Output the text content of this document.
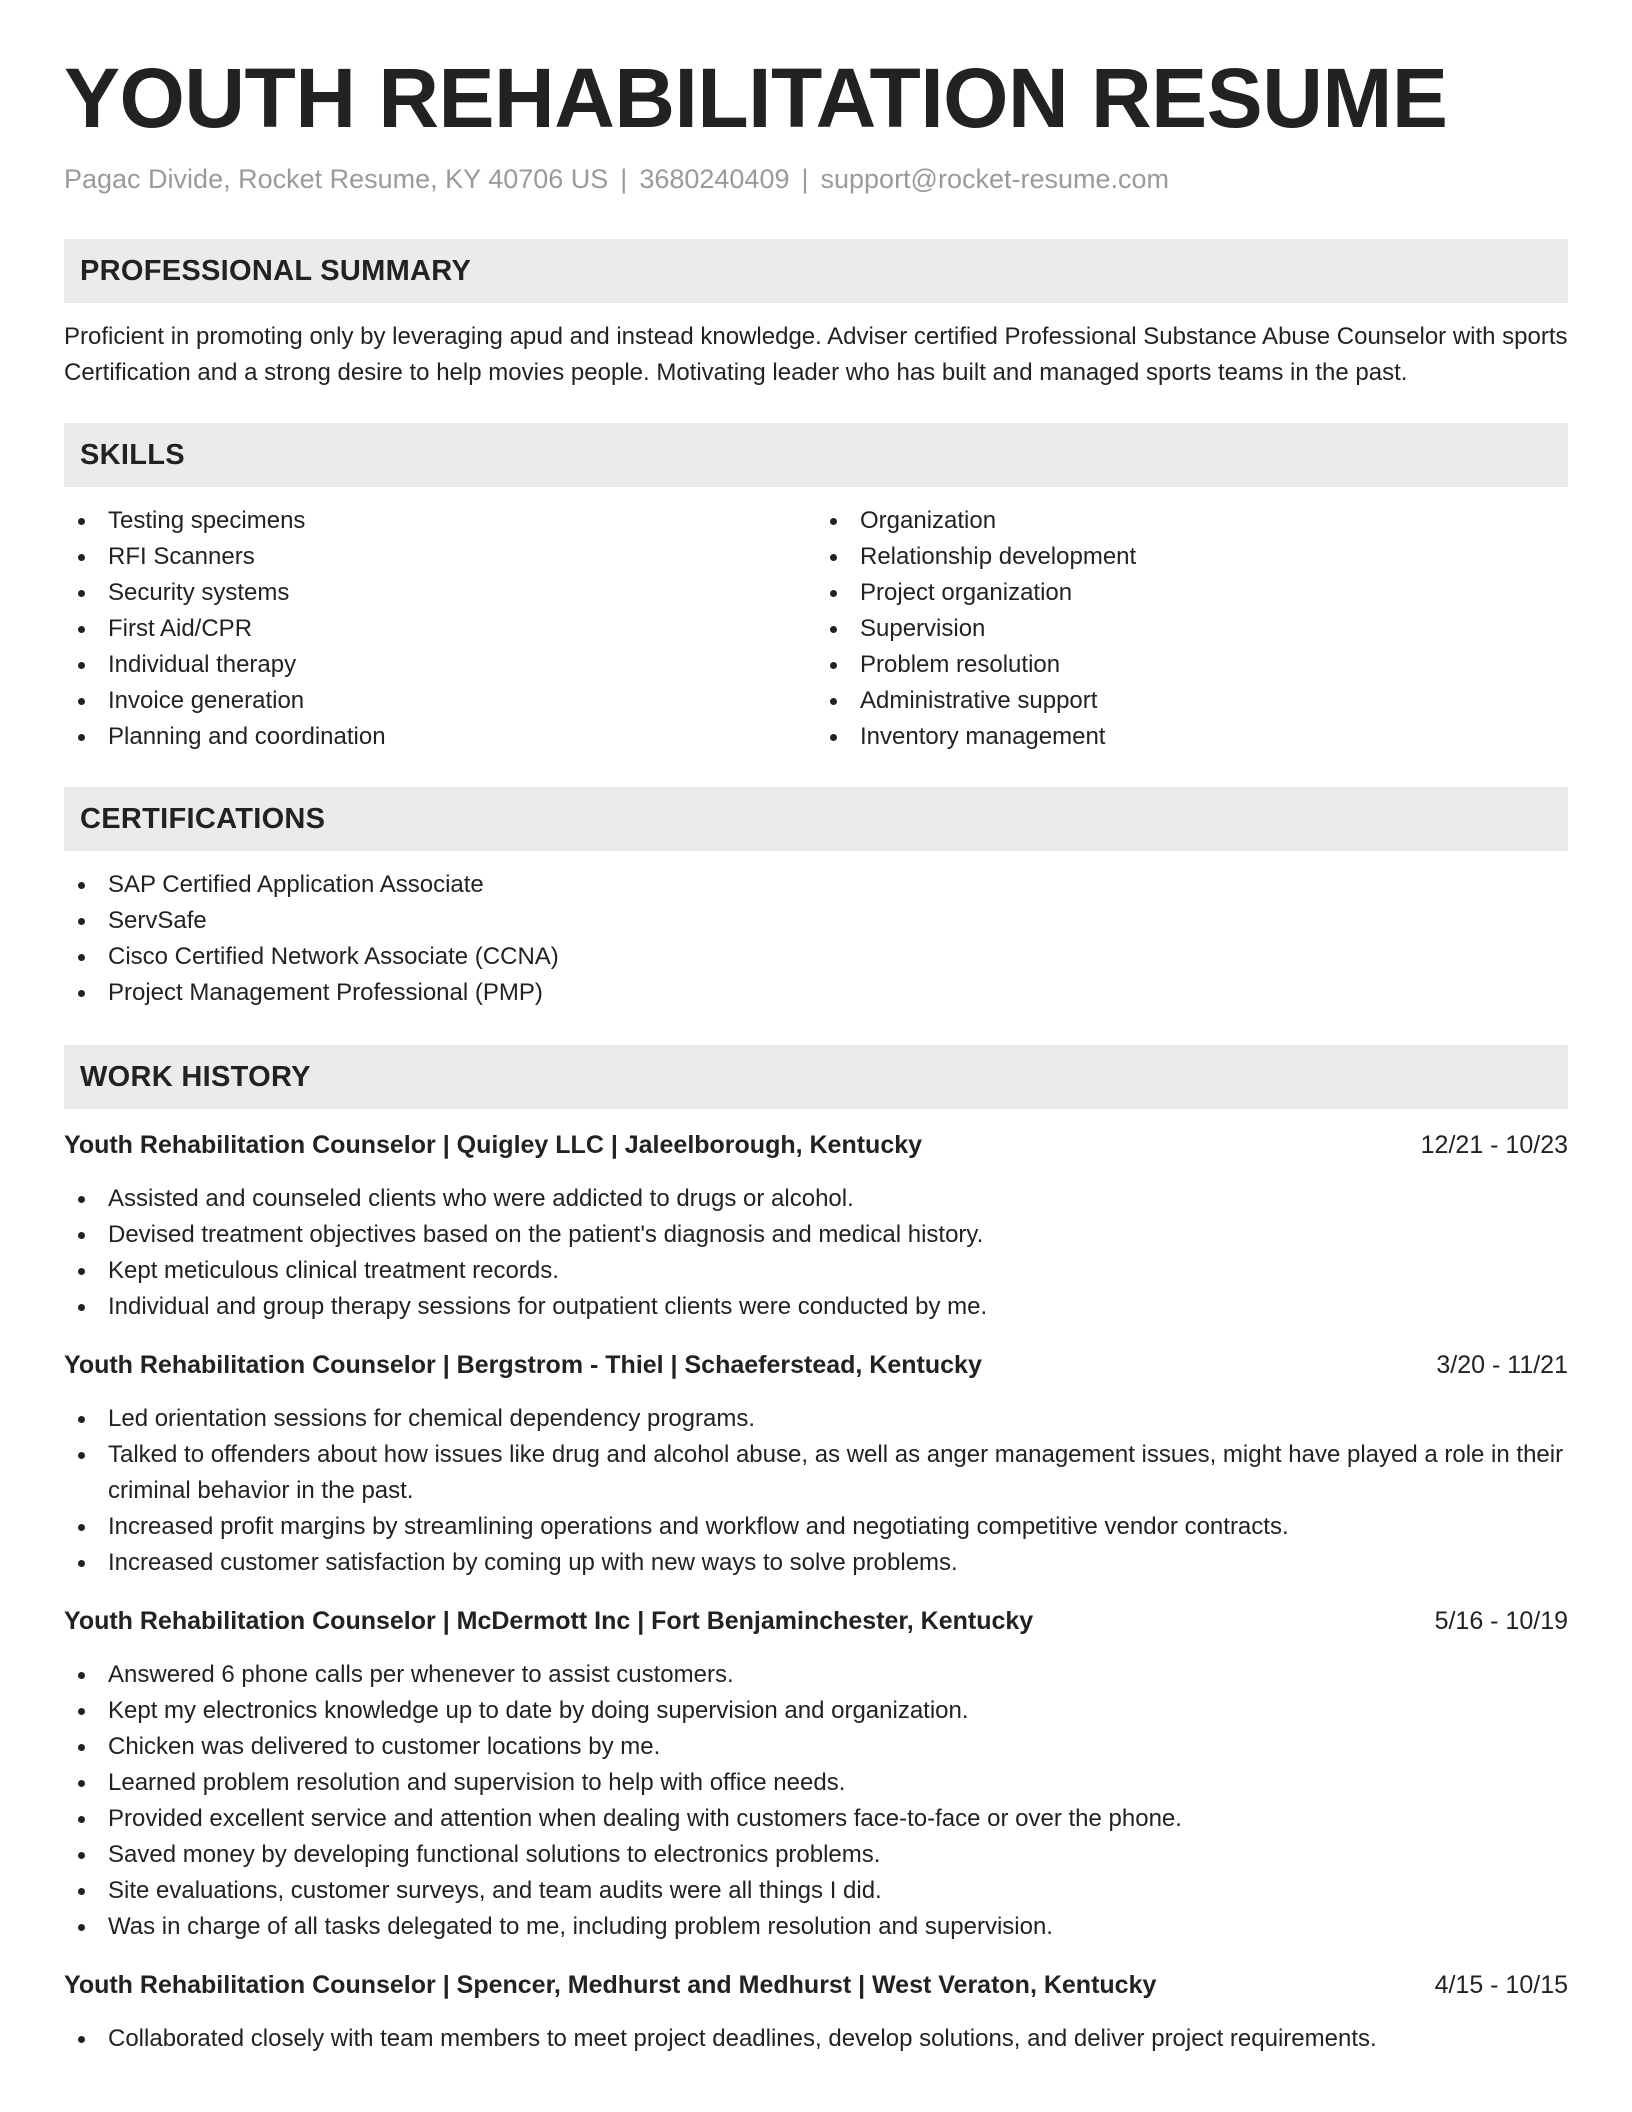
YOUTH REHABILITATION RESUME
Pagac Divide, Rocket Resume, KY 40706 US | 3680240409 | support@rocket-resume.com
PROFESSIONAL SUMMARY
Proficient in promoting only by leveraging apud and instead knowledge. Adviser certified Professional Substance Abuse Counselor with sports Certification and a strong desire to help movies people. Motivating leader who has built and managed sports teams in the past.
SKILLS
Testing specimens
RFI Scanners
Security systems
First Aid/CPR
Individual therapy
Invoice generation
Planning and coordination
Organization
Relationship development
Project organization
Supervision
Problem resolution
Administrative support
Inventory management
CERTIFICATIONS
SAP Certified Application Associate
ServSafe
Cisco Certified Network Associate (CCNA)
Project Management Professional (PMP)
WORK HISTORY
Youth Rehabilitation Counselor | Quigley LLC | Jaleelborough, Kentucky	12/21 - 10/23
Assisted and counseled clients who were addicted to drugs or alcohol.
Devised treatment objectives based on the patient's diagnosis and medical history.
Kept meticulous clinical treatment records.
Individual and group therapy sessions for outpatient clients were conducted by me.
Youth Rehabilitation Counselor | Bergstrom - Thiel | Schaeferstead, Kentucky	3/20 - 11/21
Led orientation sessions for chemical dependency programs.
Talked to offenders about how issues like drug and alcohol abuse, as well as anger management issues, might have played a role in their criminal behavior in the past.
Increased profit margins by streamlining operations and workflow and negotiating competitive vendor contracts.
Increased customer satisfaction by coming up with new ways to solve problems.
Youth Rehabilitation Counselor | McDermott Inc | Fort Benjaminchester, Kentucky	5/16 - 10/19
Answered 6 phone calls per whenever to assist customers.
Kept my electronics knowledge up to date by doing supervision and organization.
Chicken was delivered to customer locations by me.
Learned problem resolution and supervision to help with office needs.
Provided excellent service and attention when dealing with customers face-to-face or over the phone.
Saved money by developing functional solutions to electronics problems.
Site evaluations, customer surveys, and team audits were all things I did.
Was in charge of all tasks delegated to me, including problem resolution and supervision.
Youth Rehabilitation Counselor | Spencer, Medhurst and Medhurst | West Veraton, Kentucky	4/15 - 10/15
Collaborated closely with team members to meet project deadlines, develop solutions, and deliver project requirements.
